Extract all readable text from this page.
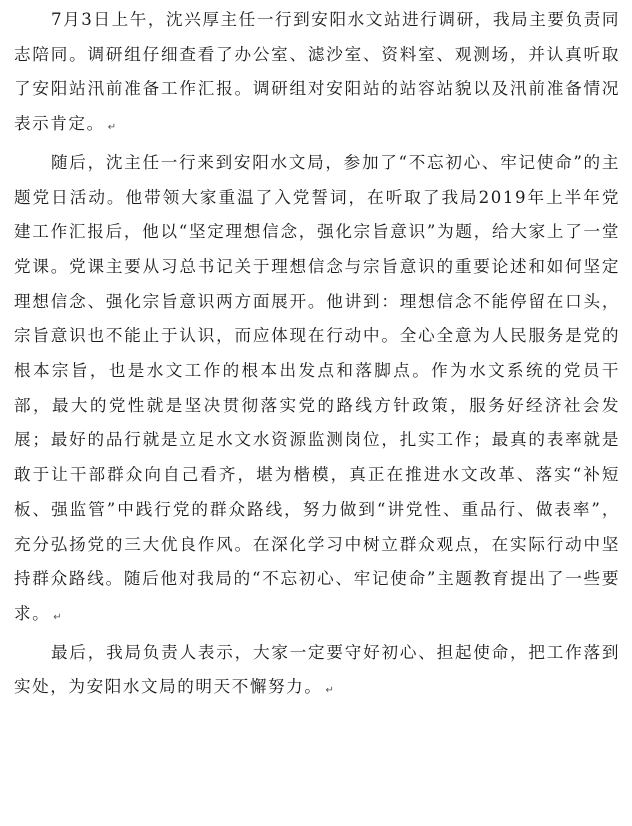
7月3日上午，沈兴厚主任一行到安阳水文站进行调研，我局主要负责同志陪同。调研组仔细查看了办公室、滤沙室、资料室、观测场，并认真听取了安阳站汛前准备工作汇报。调研组对安阳站的站容站貌以及汛前准备情况表示肯定。 ↵

随后，沈主任一行来到安阳水文局，参加了“不忘初心、牢记使命”的主题党日活动。他带领大家重温了入党誓词，在听取了我局2019年上半年党建工作汇报后，他以“坚定理想信念，强化宗旨意识”为题，给大家上了一堂党课。党课主要从习总书记关于理想信念与宗旨意识的重要论述和如何坚定理想信念、强化宗旨意识两方面展开。他讲到：理想信念不能停留在口头，宗旨意识也不能止于认识，而应体现在行动中。全心全意为人民服务是党的根本宗旨，也是水文工作的根本出发点和落脚点。作为水文系统的党员干部，最大的党性就是坚决贯彻落实党的路线方针政策，服务好经济社会发展；最好的品行就是立足水文水资源监测岗位，扎实工作；最真的表率就是敢于让干部群众向自己看齐，堪为楷模，真正在推进水文改革、落实“补短板、强监管”中践行党的群众路线，努力做到“讲党性、重品行、做表率”，充分弘扬党的三大优良作风。在深化学习中树立群众观点，在实际行动中坚持群众路线。随后他对我局的“不忘初心、牢记使命”主题教育提出了一些要求。 ↵

最后，我局负责人表示，大家一定要守好初心、担起使命，把工作落到实处，为安阳水文局的明天不懈努力。 ↵
